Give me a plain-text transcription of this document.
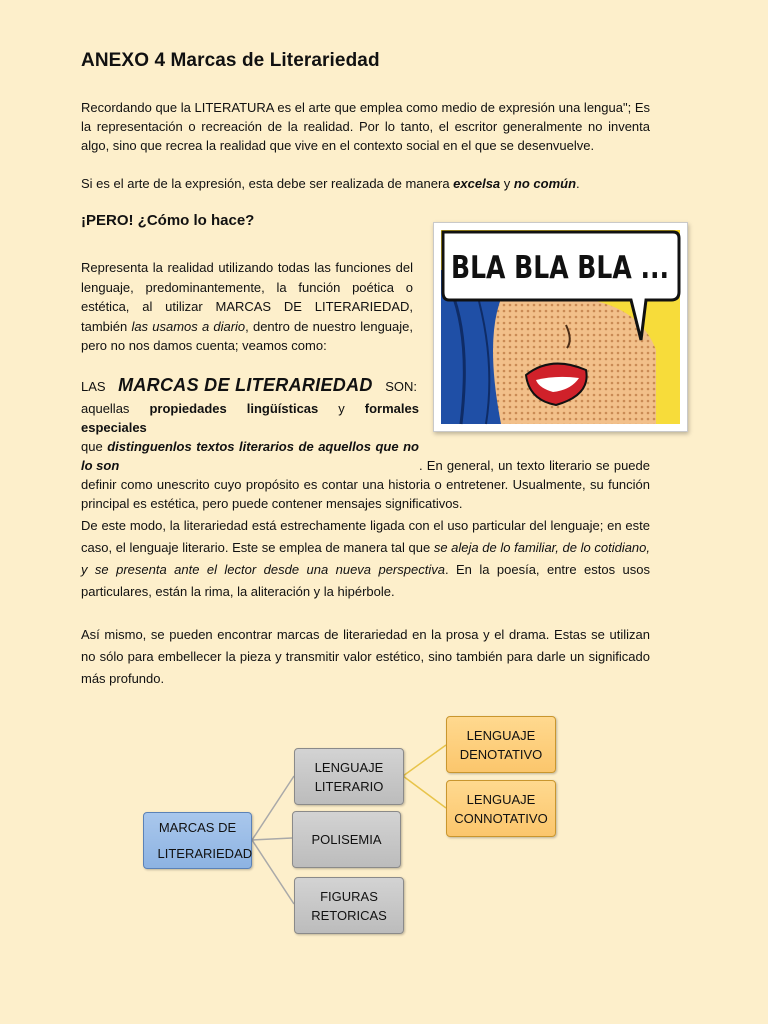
ANEXO 4 Marcas de Literariedad

Recordando que la LITERATURA es el arte que emplea como medio de expresión una lengua"; Es la representación o recreación de la realidad. Por lo tanto, el escritor generalmente no inventa algo, sino que recrea la realidad que vive en el contexto social en el que se desenvuelve.

Si es el arte de la expresión, esta debe ser realizada de manera excelsa y no común.

¡PERO! ¿Cómo lo hace?

Representa la realidad utilizando todas las funciones del lenguaje, predominantemente, la función poética o estética, al utilizar MARCAS DE LITERARIEDAD, también las usamos a diario, dentro de nuestro lenguaje, pero no nos damos cuenta; veamos como:

LAS MARCAS DE LITERARIEDAD SON:

aquellas propiedades lingüísticas y formales especiales
que distinguenlos textos literarios de aquellos que no lo son	. En general, un texto literario se puede definir como unescrito cuyo propósito es contar una historia o entretener. Usualmente, su función principal es estética, pero puede contener mensajes significativos.

De este modo, la literariedad está estrechamente ligada con el uso particular del lenguaje; en este caso, el lenguaje literario. Este se emplea de manera tal que se aleja de lo familiar, de lo cotidiano, y se presenta ante el lector desde una nueva perspectiva. En la poesía, entre estos usos particulares, están la rima, la aliteración y la hipérbole.

Así mismo, se pueden encontrar marcas de literariedad en la prosa y el drama. Estas se utilizan no sólo para embellecer la pieza y transmitir valor estético, sino también para darle un significado más profundo.

BLA BLA BLA ...
MARCAS DE LITERARIEDAD
LENGUAJE LITERARIO
POLISEMIA
FIGURAS RETORICAS
LENGUAJE DENOTATIVO
LENGUAJE CONNOTATIVO
